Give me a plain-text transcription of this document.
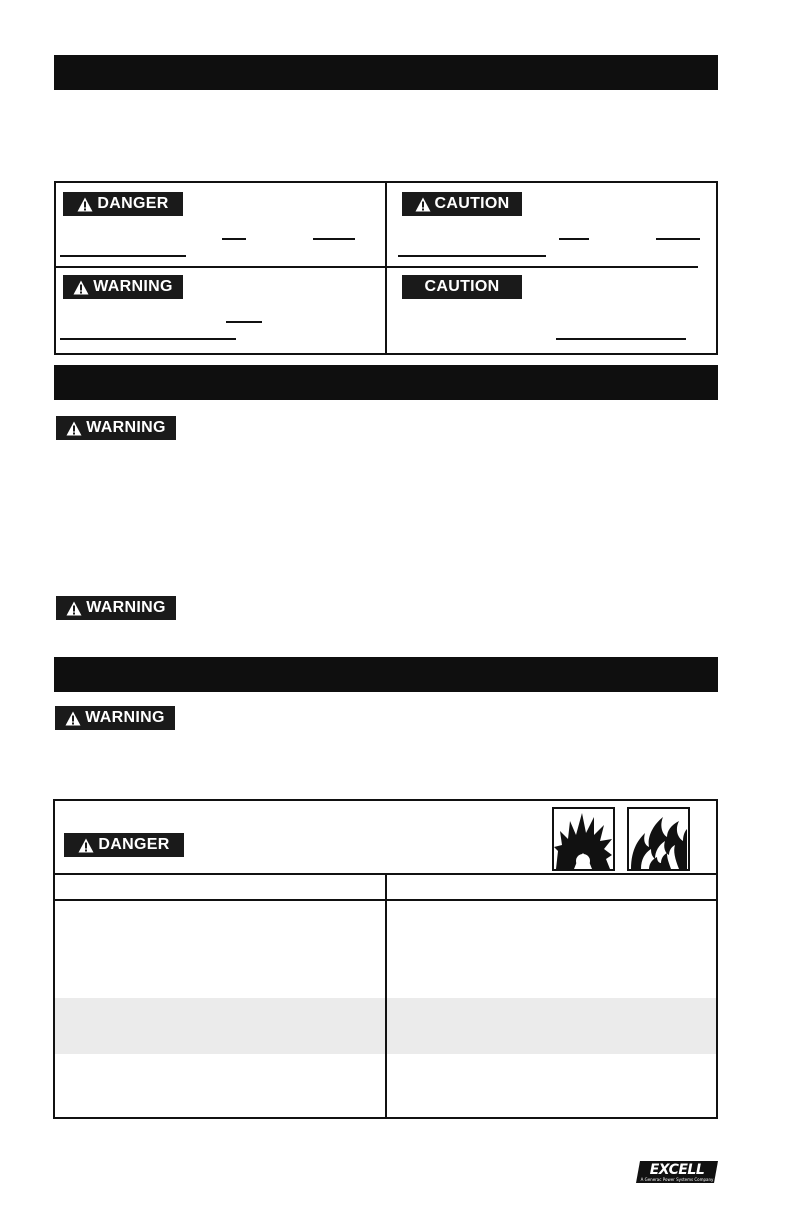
DANGER	CAUTION
WARNING	CAUTION
WARNING
WARNING
WARNING
DANGER
EXCELL
A Generac Power Systems Company
